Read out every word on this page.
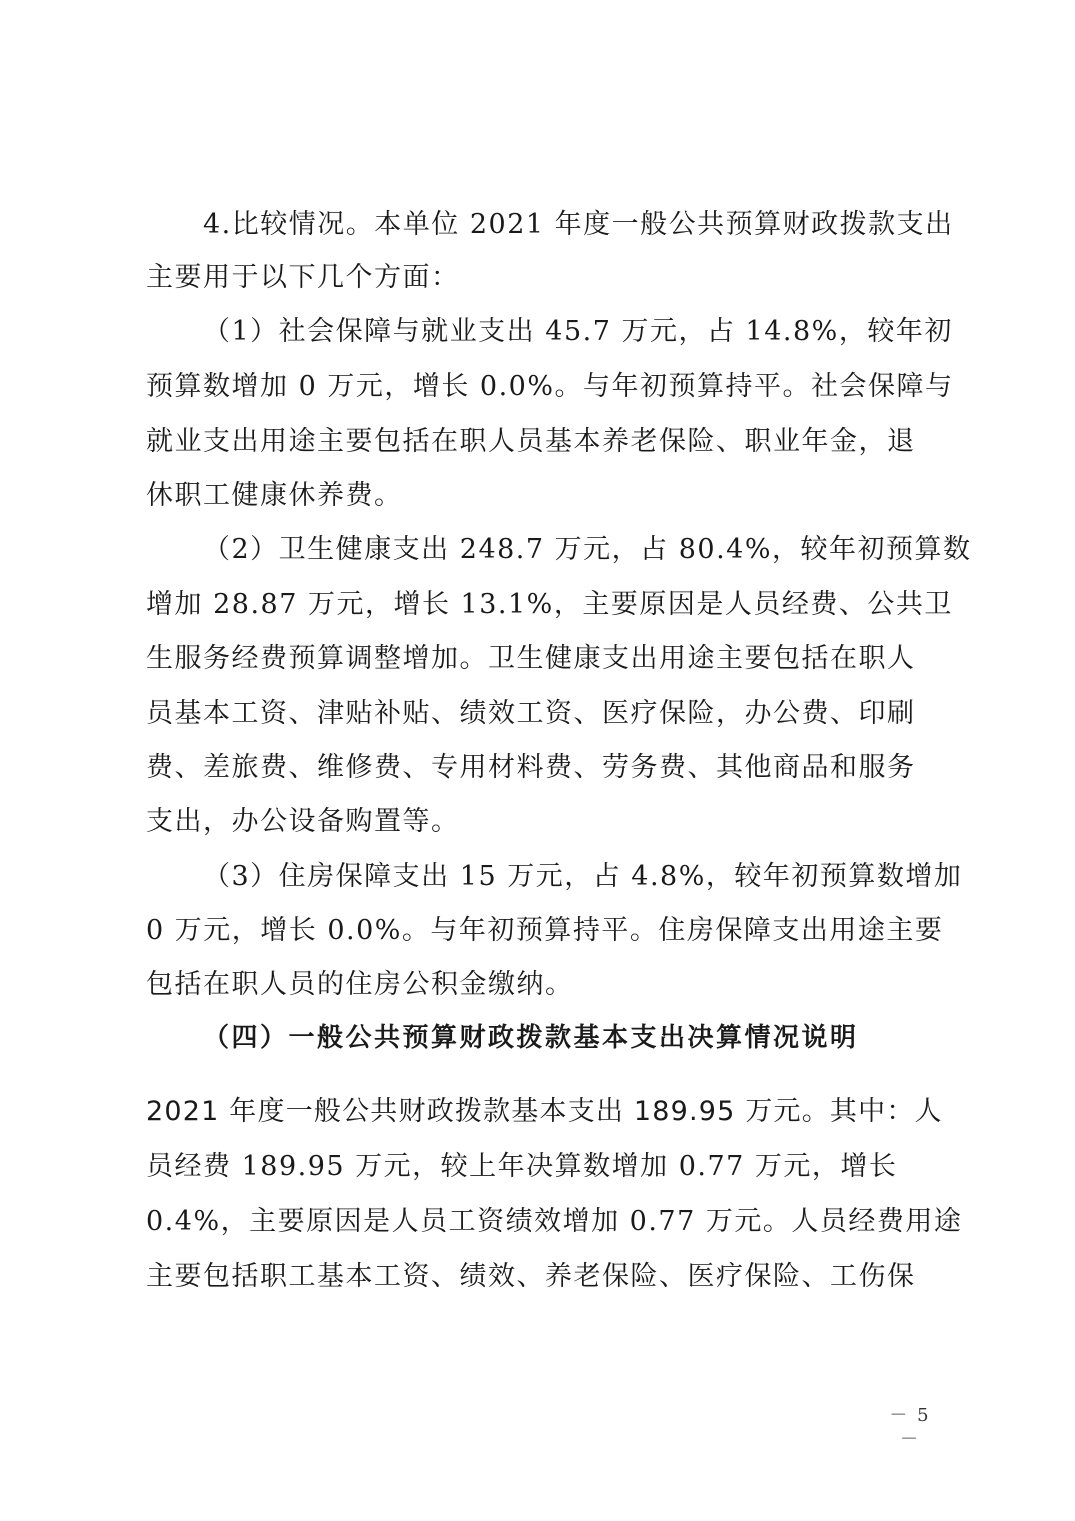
4.比较情况。本单位 2021 年度一般公共预算财政拨款支出
主要用于以下几个方面：
（1）社会保障与就业支出 45.7 万元，占 14.8%，较年初
预算数增加 0 万元，增长 0.0%。与年初预算持平。社会保障与
就业支出用途主要包括在职人员基本养老保险、职业年金，退
休职工健康休养费。
（2）卫生健康支出 248.7 万元，占 80.4%，较年初预算数
增加 28.87 万元，增长 13.1%，主要原因是人员经费、公共卫
生服务经费预算调整增加。卫生健康支出用途主要包括在职人
员基本工资、津贴补贴、绩效工资、医疗保险，办公费、印刷
费、差旅费、维修费、专用材料费、劳务费、其他商品和服务
支出，办公设备购置等。
（3）住房保障支出 15 万元，占 4.8%，较年初预算数增加
0 万元，增长 0.0%。与年初预算持平。住房保障支出用途主要
包括在职人员的住房公积金缴纳。
（四）一般公共预算财政拨款基本支出决算情况说明
2021 年度一般公共财政拨款基本支出 189.95 万元。其中：人
员经费 189.95 万元，较上年决算数增加 0.77 万元，增长
0.4%，主要原因是人员工资绩效增加 0.77 万元。人员经费用途
主要包括职工基本工资、绩效、养老保险、医疗保险、工伤保
－ 5 －
